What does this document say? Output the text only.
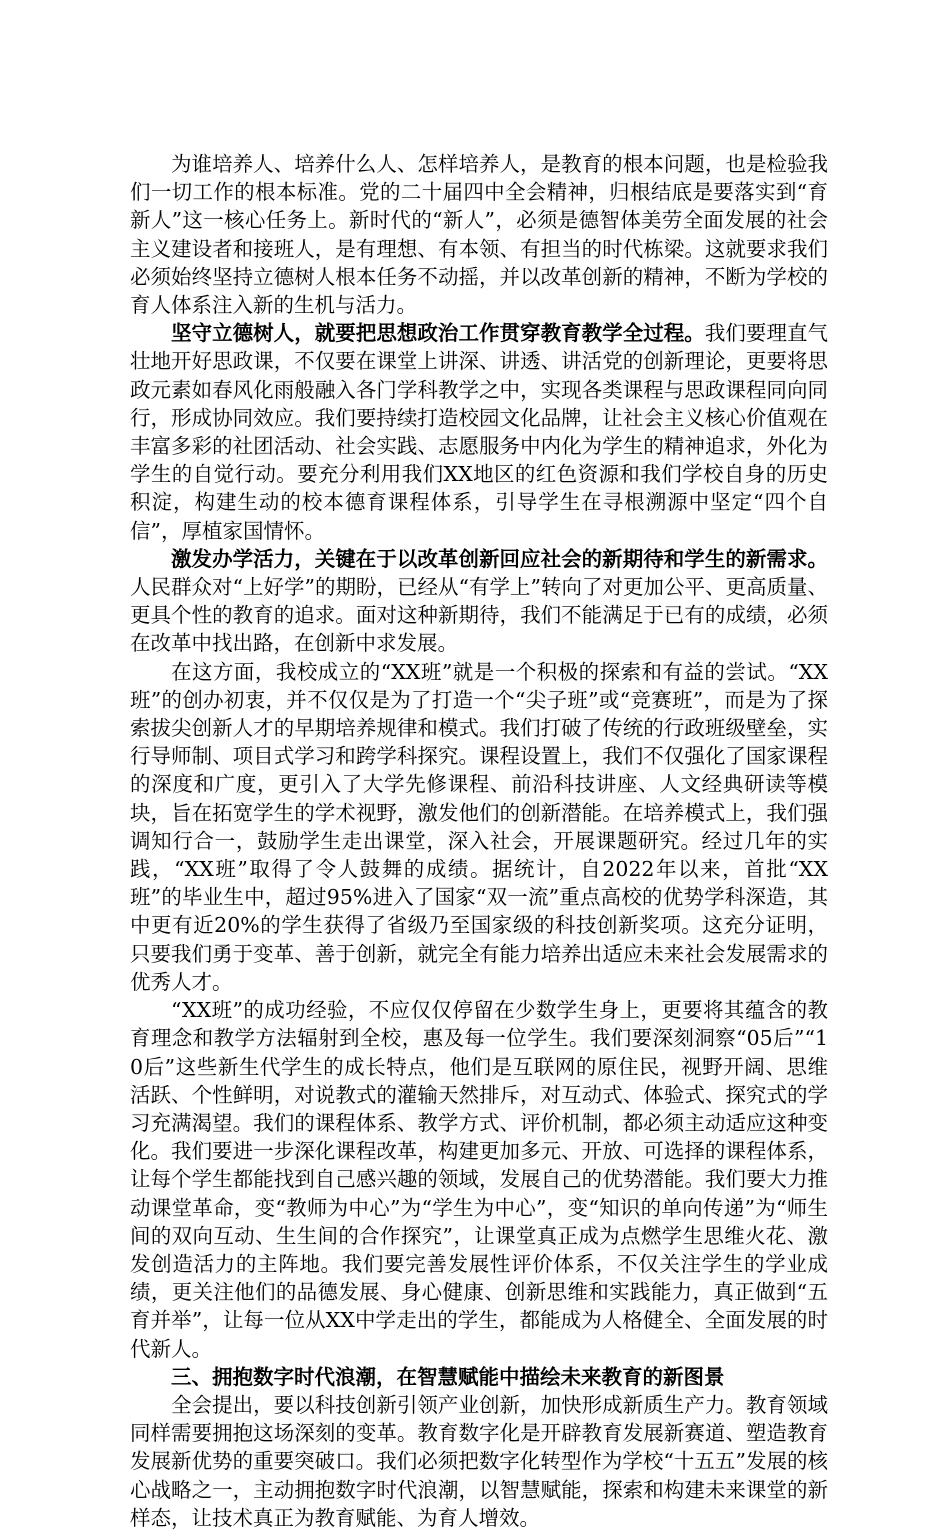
为谁培养人、培养什么人、怎样培养人，是教育的根本问题，也是检验我们一切工作的根本标准。党的二十届四中全会精神，归根结底是要落实到“育新人”这一核心任务上。新时代的“新人”，必须是德智体美劳全面发展的社会主义建设者和接班人，是有理想、有本领、有担当的时代栋梁。这就要求我们必须始终坚持立德树人根本任务不动摇，并以改革创新的精神，不断为学校的育人体系注入新的生机与活力。

坚守立德树人，就要把思想政治工作贯穿教育教学全过程。我们要理直气壮地开好思政课，不仅要在课堂上讲深、讲透、讲活党的创新理论，更要将思政元素如春风化雨般融入各门学科教学之中，实现各类课程与思政课程同向同行，形成协同效应。我们要持续打造校园文化品牌，让社会主义核心价值观在丰富多彩的社团活动、社会实践、志愿服务中内化为学生的精神追求，外化为学生的自觉行动。要充分利用我们XX地区的红色资源和我们学校自身的历史积淀，构建生动的校本德育课程体系，引导学生在寻根溯源中坚定“四个自信”，厚植家国情怀。

激发办学活力，关键在于以改革创新回应社会的新期待和学生的新需求。人民群众对“上好学”的期盼，已经从“有学上”转向了对更加公平、更高质量、更具个性的教育的追求。面对这种新期待，我们不能满足于已有的成绩，必须在改革中找出路，在创新中求发展。

在这方面，我校成立的“XX班”就是一个积极的探索和有益的尝试。“XX班”的创办初衷，并不仅仅是为了打造一个“尖子班”或“竞赛班”，而是为了探索拔尖创新人才的早期培养规律和模式。我们打破了传统的行政班级壁垒，实行导师制、项目式学习和跨学科探究。课程设置上，我们不仅强化了国家课程的深度和广度，更引入了大学先修课程、前沿科技讲座、人文经典研读等模块，旨在拓宽学生的学术视野，激发他们的创新潜能。在培养模式上，我们强调知行合一，鼓励学生走出课堂，深入社会，开展课题研究。经过几年的实践，“XX班”取得了令人鼓舞的成绩。据统计，自2022年以来，首批“XX班”的毕业生中，超过95%进入了国家“双一流”重点高校的优势学科深造，其中更有近20%的学生获得了省级乃至国家级的科技创新奖项。这充分证明，只要我们勇于变革、善于创新，就完全有能力培养出适应未来社会发展需求的优秀人才。

“XX班”的成功经验，不应仅仅停留在少数学生身上，更要将其蕴含的教育理念和教学方法辐射到全校，惠及每一位学生。我们要深刻洞察“05后”“10后”这些新生代学生的成长特点，他们是互联网的原住民，视野开阔、思维活跃、个性鲜明，对说教式的灌输天然排斥，对互动式、体验式、探究式的学习充满渴望。我们的课程体系、教学方式、评价机制，都必须主动适应这种变化。我们要进一步深化课程改革，构建更加多元、开放、可选择的课程体系，让每个学生都能找到自己感兴趣的领域，发展自己的优势潜能。我们要大力推动课堂革命，变“教师为中心”为“学生为中心”，变“知识的单向传递”为“师生间的双向互动、生生间的合作探究”，让课堂真正成为点燃学生思维火花、激发创造活力的主阵地。我们要完善发展性评价体系，不仅关注学生的学业成绩，更关注他们的品德发展、身心健康、创新思维和实践能力，真正做到“五育并举”，让每一位从XX中学走出的学生，都能成为人格健全、全面发展的时代新人。

三、拥抱数字时代浪潮，在智慧赋能中描绘未来教育的新图景

全会提出，要以科技创新引领产业创新，加快形成新质生产力。教育领域同样需要拥抱这场深刻的变革。教育数字化是开辟教育发展新赛道、塑造教育发展新优势的重要突破口。我们必须把数字化转型作为学校“十五五”发展的核心战略之一，主动拥抱数字时代浪潮，以智慧赋能，探索和构建未来课堂的新样态，让技术真正为教育赋能、为育人增效。
